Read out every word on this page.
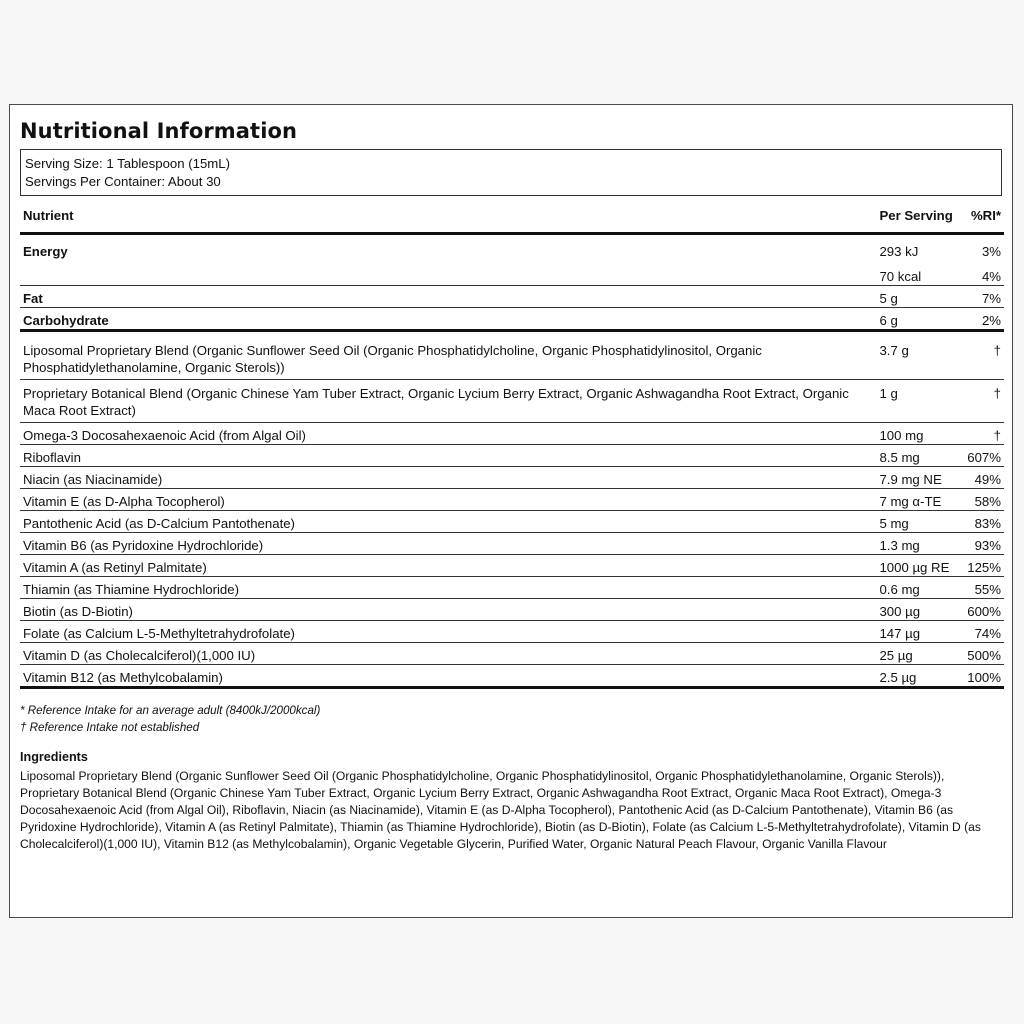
Nutritional Information
Serving Size: 1 Tablespoon (15mL)
Servings Per Container: About 30
Nutrient	Per Serving	%RI*
Energy	293 kJ	3%
	70 kcal	4%
Fat	5 g	7%
Carbohydrate	6 g	2%
Liposomal Proprietary Blend (Organic Sunflower Seed Oil (Organic Phosphatidylcholine, Organic Phosphatidylinositol, Organic Phosphatidylethanolamine, Organic Sterols))	3.7 g	†
Proprietary Botanical Blend (Organic Chinese Yam Tuber Extract, Organic Lycium Berry Extract, Organic Ashwagandha Root Extract, Organic Maca Root Extract)	1 g	†
Omega-3 Docosahexaenoic Acid (from Algal Oil)	100 mg	†
Riboflavin	8.5 mg	607%
Niacin (as Niacinamide)	7.9 mg NE	49%
Vitamin E (as D-Alpha Tocopherol)	7 mg α-TE	58%
Pantothenic Acid (as D-Calcium Pantothenate)	5 mg	83%
Vitamin B6 (as Pyridoxine Hydrochloride)	1.3 mg	93%
Vitamin A (as Retinyl Palmitate)	1000 µg RE	125%
Thiamin (as Thiamine Hydrochloride)	0.6 mg	55%
Biotin (as D-Biotin)	300 µg	600%
Folate (as Calcium L-5-Methyltetrahydrofolate)	147 µg	74%
Vitamin D (as Cholecalciferol)(1,000 IU)	25 µg	500%
Vitamin B12 (as Methylcobalamin)	2.5 µg	100%
* Reference Intake for an average adult (8400kJ/2000kcal)
† Reference Intake not established
Ingredients
Liposomal Proprietary Blend (Organic Sunflower Seed Oil (Organic Phosphatidylcholine, Organic Phosphatidylinositol, Organic Phosphatidylethanolamine, Organic Sterols)), Proprietary Botanical Blend (Organic Chinese Yam Tuber Extract, Organic Lycium Berry Extract, Organic Ashwagandha Root Extract, Organic Maca Root Extract), Omega-3 Docosahexaenoic Acid (from Algal Oil), Riboflavin, Niacin (as Niacinamide), Vitamin E (as D-Alpha Tocopherol), Pantothenic Acid (as D-Calcium Pantothenate), Vitamin B6 (as Pyridoxine Hydrochloride), Vitamin A (as Retinyl Palmitate), Thiamin (as Thiamine Hydrochloride), Biotin (as D-Biotin), Folate (as Calcium L-5-Methyltetrahydrofolate), Vitamin D (as Cholecalciferol)(1,000 IU), Vitamin B12 (as Methylcobalamin), Organic Vegetable Glycerin, Purified Water, Organic Natural Peach Flavour, Organic Vanilla Flavour
